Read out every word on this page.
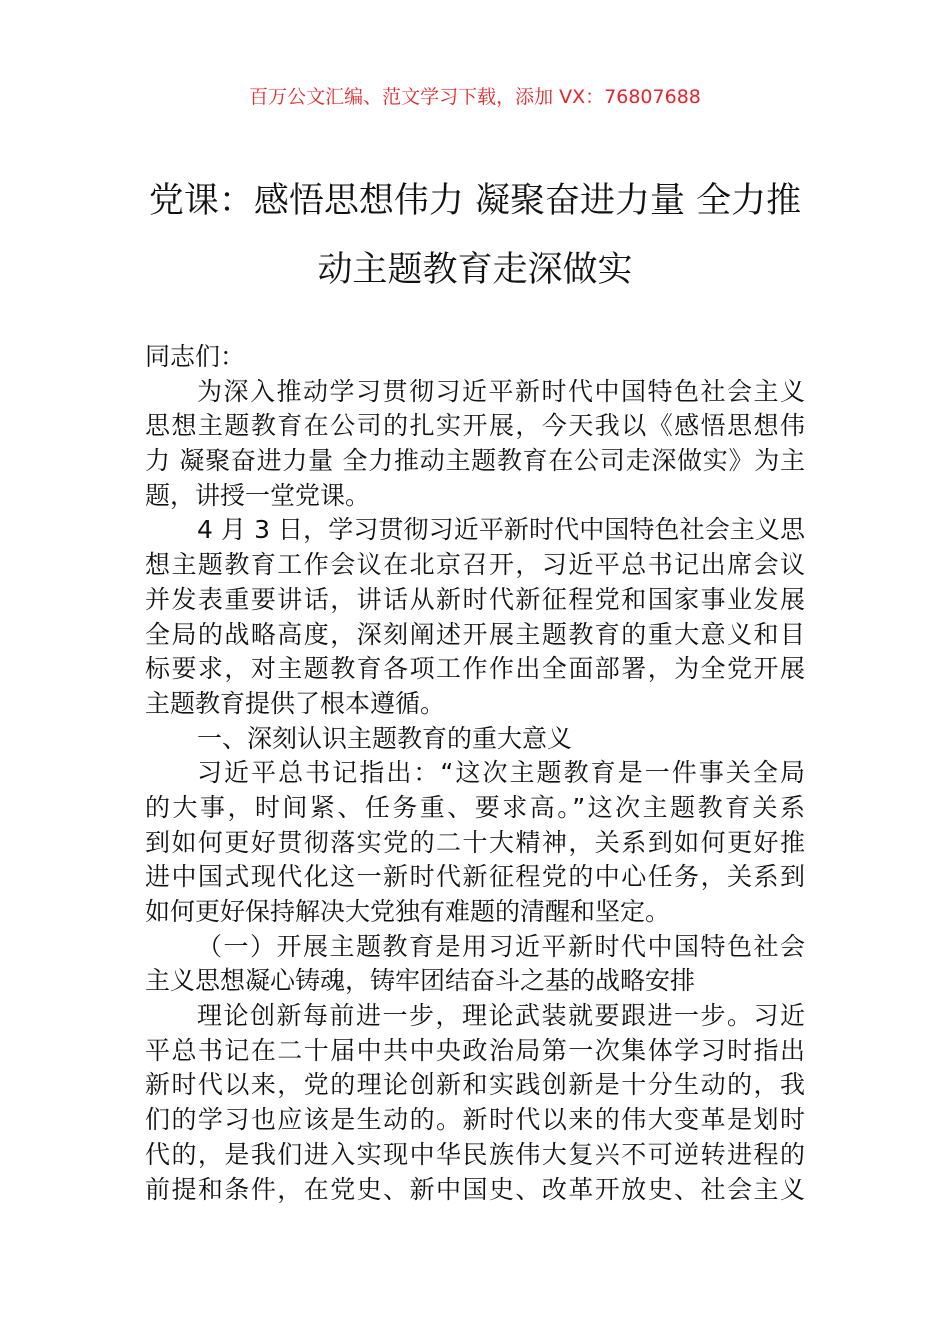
百万公文汇编、范文学习下载，添加 VX：76807688
党课：感悟思想伟力 凝聚奋进力量 全力推
动主题教育走深做实
同志们：
为深入推动学习贯彻习近平新时代中国特色社会主义
思想主题教育在公司的扎实开展，今天我以《感悟思想伟
力 凝聚奋进力量 全力推动主题教育在公司走深做实》为主
题，讲授一堂党课。
4 月 3 日，学习贯彻习近平新时代中国特色社会主义思
想主题教育工作会议在北京召开，习近平总书记出席会议
并发表重要讲话，讲话从新时代新征程党和国家事业发展
全局的战略高度，深刻阐述开展主题教育的重大意义和目
标要求，对主题教育各项工作作出全面部署，为全党开展
主题教育提供了根本遵循。
一、深刻认识主题教育的重大意义
习近平总书记指出：“这次主题教育是一件事关全局
的大事，时间紧、任务重、要求高。”这次主题教育关系
到如何更好贯彻落实党的二十大精神，关系到如何更好推
进中国式现代化这一新时代新征程党的中心任务，关系到
如何更好保持解决大党独有难题的清醒和坚定。
（一）开展主题教育是用习近平新时代中国特色社会
主义思想凝心铸魂，铸牢团结奋斗之基的战略安排
理论创新每前进一步，理论武装就要跟进一步。习近
平总书记在二十届中共中央政治局第一次集体学习时指出
新时代以来，党的理论创新和实践创新是十分生动的，我
们的学习也应该是生动的。新时代以来的伟大变革是划时
代的，是我们进入实现中华民族伟大复兴不可逆转进程的
前提和条件，在党史、新中国史、改革开放史、社会主义
